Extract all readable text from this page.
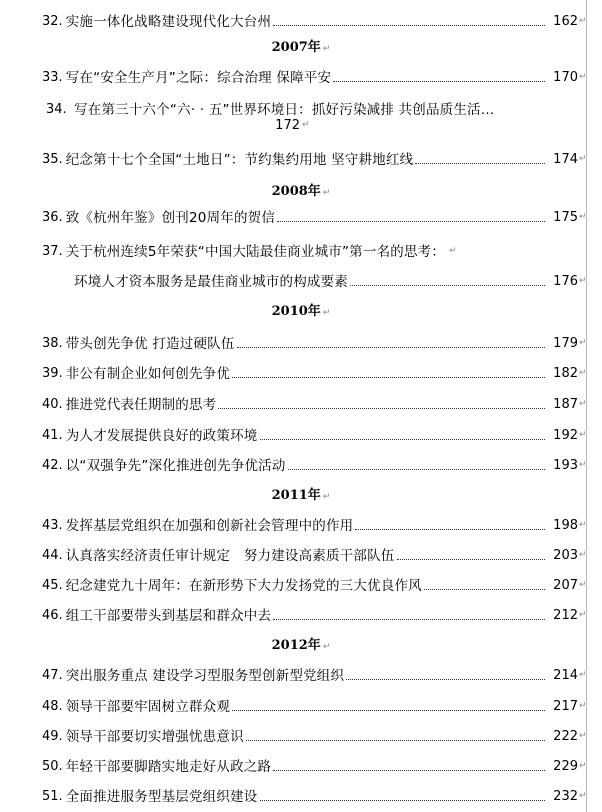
32. 实施一体化战略建设现代化大台州	162 ↵
2007年 ↵
33. 写在“安全生产月”之际：综合治理 保障平安	170 ↵
34. 写在第三十六个“六· · 五”世界环境日：抓好污染减排 共创品质生活…
172 ↵
35. 纪念第十七个全国“土地日”：节约集约用地 坚守耕地红线	174 ↵
2008年 ↵
36. 致《杭州年鉴》创刊20周年的贺信	175 ↵
37. 关于杭州连续5年荣获“中国大陆最佳商业城市”第一名的思考： ↵
环境人才资本服务是最佳商业城市的构成要素	176 ↵
2010年 ↵
38. 带头创先争优 打造过硬队伍	179 ↵
39. 非公有制企业如何创先争优	182 ↵
40. 推进党代表任期制的思考	187 ↵
41. 为人才发展提供良好的政策环境	192 ↵
42. 以“双强争先”深化推进创先争优活动	193 ↵
2011年 ↵
43. 发挥基层党组织在加强和创新社会管理中的作用	198 ↵
44. 认真落实经济责任审计规定　努力建设高素质干部队伍	203 ↵
45. 纪念建党九十周年：在新形势下大力发扬党的三大优良作风	207 ↵
46. 组工干部要带头到基层和群众中去	212 ↵
2012年 ↵
47. 突出服务重点 建设学习型服务型创新型党组织	214 ↵
48. 领导干部要牢固树立群众观	217 ↵
49. 领导干部要切实增强忧患意识	222 ↵
50. 年轻干部要脚踏实地走好从政之路	229 ↵
51. 全面推进服务型基层党组织建设	232 ↵
